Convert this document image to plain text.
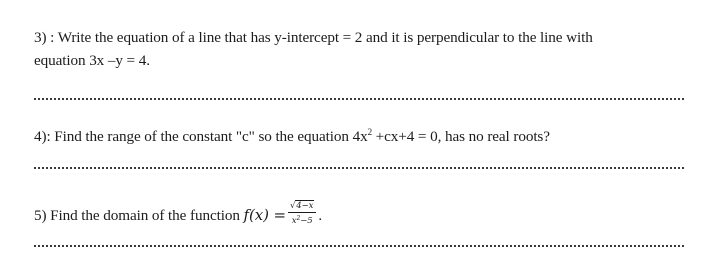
3) : Write the equation of a line that has y-intercept = 2 and it is perpendicular to the line with
equation 3x –y = 4.
4): Find the range of the constant "c" so the equation $4x^2 +cx+4 = 0$, has no real roots?
5) Find the domain of the function $f(x) = \frac{√4-x}{x^2-5}$ .
